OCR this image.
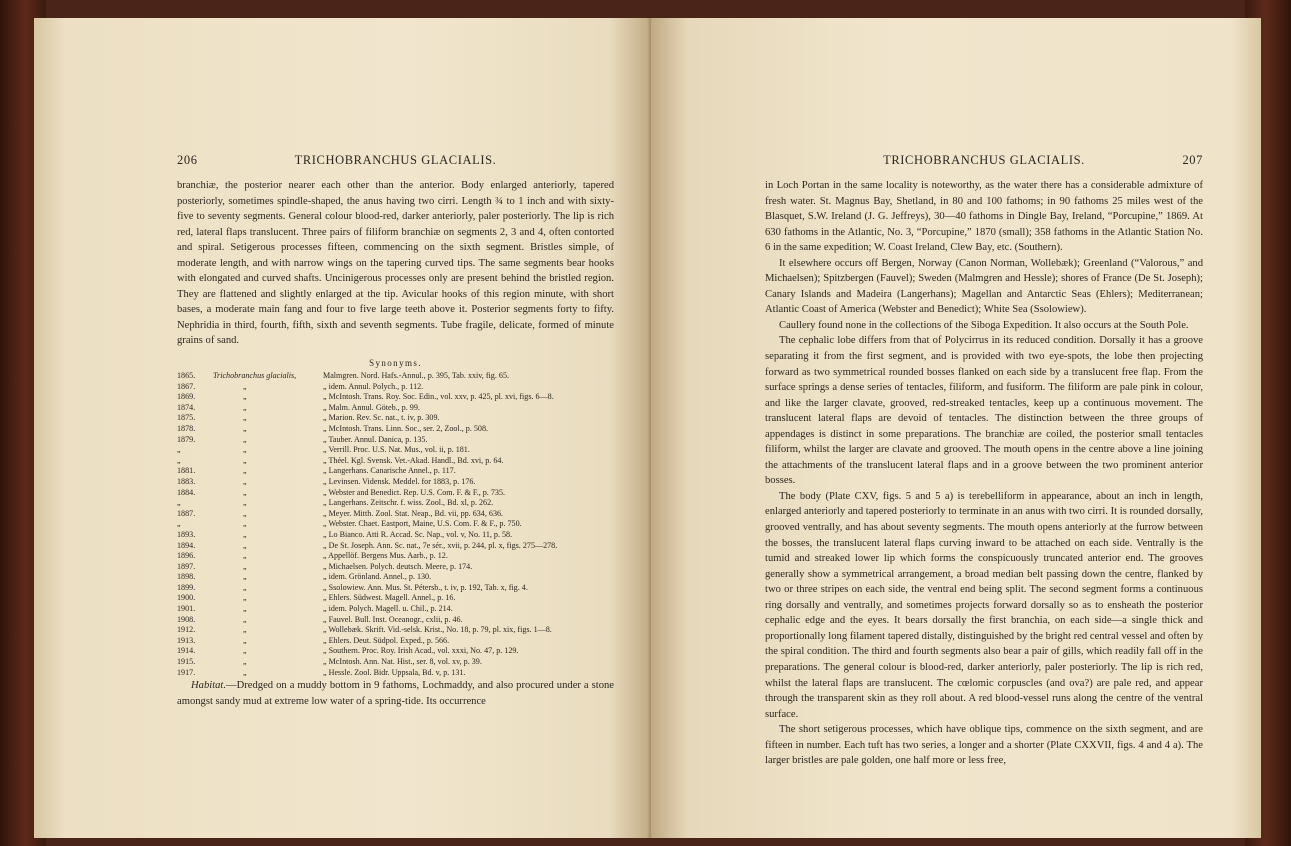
206	TRICHOBRANCHUS GLACIALIS.

branchiæ, the posterior nearer each other than the anterior. Body enlarged anteriorly, tapered posteriorly, sometimes spindle-shaped, the anus having two cirri. Length ¾ to 1 inch and with sixty-five to seventy segments. General colour blood-red, darker anteriorly, paler posteriorly. The lip is rich red, lateral flaps translucent. Three pairs of filiform branchiæ on segments 2, 3 and 4, often contorted and spiral. Setigerous processes fifteen, commencing on the sixth segment. Bristles simple, of moderate length, and with narrow wings on the tapering curved tips. The same segments bear hooks with elongated and curved shafts. Uncinigerous processes only are present behind the bristled region. They are flattened and slightly enlarged at the tip. Avicular hooks of this region minute, with short bases, a moderate main fang and four to five large teeth above it. Posterior segments forty to fifty. Nephridia in third, fourth, fifth, sixth and seventh segments. Tube fragile, delicate, formed of minute grains of sand.

Synonyms.
1865.	Trichobranchus glacialis,	Malmgren. Nord. Hafs.-Annul., p. 395, Tab. xxiv, fig. 65.
1867.	„	„ idem. Annul. Polych., p. 112.
1869.	„	„ McIntosh. Trans. Roy. Soc. Edin., vol. xxv, p. 425, pl. xvi, figs. 6—8.
1874.	„	„ Malm. Annul. Göteb., p. 99.
1875.	„	„ Marion. Rev. Sc. nat., t. iv, p. 309.
1878.	„	„ McIntosh. Trans. Linn. Soc., ser. 2, Zool., p. 508.
1879.	„	„ Tauber. Annul. Danica, p. 135.
„	„	„ Verrill. Proc. U.S. Nat. Mus., vol. ii, p. 181.
„	„	„ Théel. Kgl. Svensk. Vet.-Akad. Handl., Bd. xvi, p. 64.
1881.	„	„ Langerhans. Canarische Annel., p. 117.
1883.	„	„ Levinsen. Vidensk. Meddel. for 1883, p. 176.
1884.	„	„ Webster and Benedict. Rep. U.S. Com. F. & F., p. 735.
„	„	„ Langerhans. Zeitschr. f. wiss. Zool., Bd. xl, p. 262.
1887.	„	„ Meyer. Mitth. Zool. Stat. Neap., Bd. vii, pp. 634, 636.
„	„	„ Webster. Chaet. Eastport, Maine, U.S. Com. F. & F., p. 750.
1893.	„	„ Lo Bianco. Atti R. Accad. Sc. Nap., vol. v, No. 11, p. 58.
1894.	„	„ De St. Joseph. Ann. Sc. nat., 7e sér., xvii, p. 244, pl. x, figs. 275—278.
1896.	„	„ Appellöf. Bergens Mus. Aarb., p. 12.
1897.	„	„ Michaelsen. Polych. deutsch. Meere, p. 174.
1898.	„	„ idem. Grönland. Annel., p. 130.
1899.	„	„ Ssolowiew. Ann. Mus. St. Pétersb., t. iv, p. 192, Tab. x, fig. 4.
1900.	„	„ Ehlers. Südwest. Magell. Annel., p. 16.
1901.	„	„ idem. Polych. Magell. u. Chil., p. 214.
1908.	„	„ Fauvel. Bull. Inst. Oceanogr., cxlii, p. 46.
1912.	„	„ Wollebæk. Skrift. Vid.-selsk. Krist., No. 18, p. 79, pl. xix, figs. 1—8.
1913.	„	„ Ehlers. Deut. Südpol. Exped., p. 566.
1914.	„	„ Southern. Proc. Roy. Irish Acad., vol. xxxi, No. 47, p. 129.
1915.	„	„ McIntosh. Ann. Nat. Hist., ser. 8, vol. xv, p. 39.
1917.	„	„ Hessle. Zool. Bidr. Uppsala, Bd. v, p. 131.

Habitat.—Dredged on a muddy bottom in 9 fathoms, Lochmaddy, and also procured under a stone amongst sandy mud at extreme low water of a spring-tide. Its occurrence

TRICHOBRANCHUS GLACIALIS.	207

in Loch Portan in the same locality is noteworthy, as the water there has a considerable admixture of fresh water. St. Magnus Bay, Shetland, in 80 and 100 fathoms; in 90 fathoms 25 miles west of the Blasquet, S.W. Ireland (J. G. Jeffreys), 30—40 fathoms in Dingle Bay, Ireland, “Porcupine,” 1869. At 630 fathoms in the Atlantic, No. 3, “Porcupine,” 1870 (small); 358 fathoms in the Atlantic Station No. 6 in the same expedition; W. Coast Ireland, Clew Bay, etc. (Southern).

It elsewhere occurs off Bergen, Norway (Canon Norman, Wollebæk); Greenland (“Valorous,” and Michaelsen); Spitzbergen (Fauvel); Sweden (Malmgren and Hessle); shores of France (De St. Joseph); Canary Islands and Madeira (Langerhans); Magellan and Antarctic Seas (Ehlers); Mediterranean; Atlantic Coast of America (Webster and Benedict); White Sea (Ssolowiew).

Caullery found none in the collections of the Siboga Expedition. It also occurs at the South Pole.

The cephalic lobe differs from that of Polycirrus in its reduced condition. Dorsally it has a groove separating it from the first segment, and is provided with two eye-spots, the lobe then projecting forward as two symmetrical rounded bosses flanked on each side by a translucent free flap. From the surface springs a dense series of tentacles, filiform, and fusiform. The filiform are pale pink in colour, and like the larger clavate, grooved, red-streaked tentacles, keep up a continuous movement. The translucent lateral flaps are devoid of tentacles. The distinction between the three groups of appendages is distinct in some preparations. The branchiæ are coiled, the posterior small tentacles filiform, whilst the larger are clavate and grooved. The mouth opens in the centre above a line joining the attachments of the translucent lateral flaps and in a groove between the two prominent anterior bosses.

The body (Plate CXV, figs. 5 and 5 a) is terebelliform in appearance, about an inch in length, enlarged anteriorly and tapered posteriorly to terminate in an anus with two cirri. It is rounded dorsally, grooved ventrally, and has about seventy segments. The mouth opens anteriorly at the furrow between the bosses, the translucent lateral flaps curving inward to be attached on each side. Ventrally is the tumid and streaked lower lip which forms the conspicuously truncated anterior end. The grooves generally show a symmetrical arrangement, a broad median belt passing down the centre, flanked by two or three stripes on each side, the ventral end being split. The second segment forms a continuous ring dorsally and ventrally, and sometimes projects forward dorsally so as to ensheath the posterior cephalic edge and the eyes. It bears dorsally the first branchia, on each side—a single thick and proportionally long filament tapered distally, distinguished by the bright red central vessel and often by the spiral condition. The third and fourth segments also bear a pair of gills, which readily fall off in the preparations. The general colour is blood-red, darker anteriorly, paler posteriorly. The lip is rich red, whilst the lateral flaps are translucent. The cœlomic corpuscles (and ova?) are pale red, and appear through the transparent skin as they roll about. A red blood-vessel runs along the centre of the ventral surface.

The short setigerous processes, which have oblique tips, commence on the sixth segment, and are fifteen in number. Each tuft has two series, a longer and a shorter (Plate CXXVII, figs. 4 and 4 a). The larger bristles are pale golden, one half more or less free,
